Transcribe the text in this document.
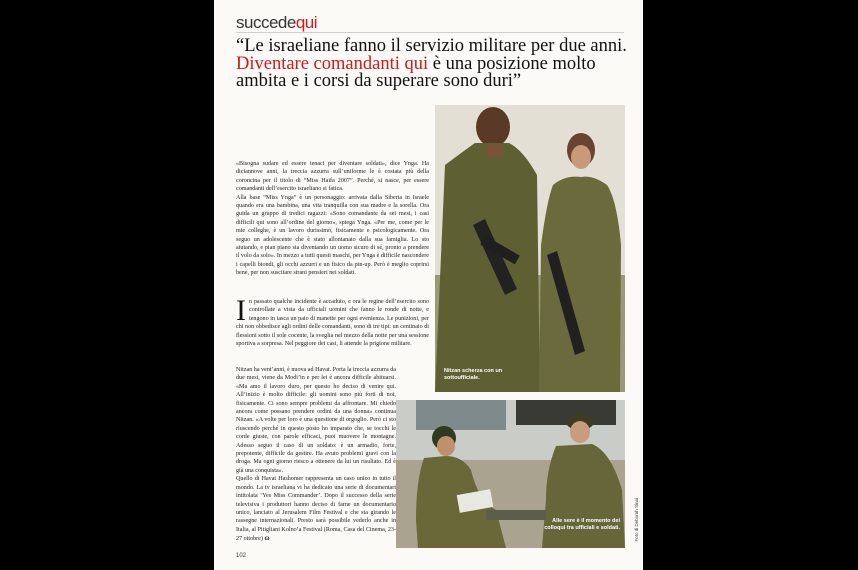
succedequi
“Le israeliane fanno il servizio militare per due anni. Diventare comandanti qui è una posizione molto ambita e i corsi da superare sono duri”
«Bisogna sudare ed essere tenaci per diventare soldati», dice Ynga. Ha diciannove anni, la treccia azzurra sull’uniforme le è costata più della coroncina per il titolo di “Miss Haifa 2007”. Perché, si nasce, per essere comandanti dell’esercito israeliano si fatica.
Alla base “Miss Ynga” è un personaggio: arrivata dalla Siberia in Israele quando era una bambina, una vita tranquilla con sua madre e la sorella. Ora guida un gruppo di tredici ragazzi: «Sono comandante da sei mesi, i casi difficili qui sono all’ordine del giorno», spiega Ynga. «Per me, come per le mie colleghe, è un lavoro durissimo, fisicamente e psicologicamente. Ora seguo un adolescente che è stato allontanato dalla sua famiglia. Lo sto aiutando, e pian piano sta diventando un uomo sicuro di sé, pronto a prendere il volo da solo». In mezzo a tutti questi maschi, per Ynga è difficile nascondere i capelli biondi, gli occhi azzurri e un fisico da pin-up. Però è meglio coprirsi bene, per non suscitare strani pensieri nei soldati.
I n passato qualche incidente è accaduto, e ora le regine dell’esercito sono controllate a vista da ufficiali uomini che fanno le ronde di notte, e tengono in tasca un paio di manette per ogni evenienza. Le punizioni, per chi non obbedisce agli ordini delle comandanti, sono di tre tipi: un centinaio di flessioni sotto il sole cocente, la sveglia nel mezzo della notte per una sessione sportiva a sorpresa. Nel peggiore dei casi, li attende la prigione militare.
Nitzan ha vent’anni, è nuova ad Havat. Porta la treccia azzurra da due mesi, viene da Modi’in e per lei è ancora difficile abituarsi. «Ma amo il lavoro duro, per questo ho deciso di venire qui. All’inizio è molto difficile: gli uomini sono più forti di noi, fisicamente. Ci sono sempre problemi da affrontare. Mi chiedo ancora come possano prendere ordini da una donna» continua Nitzan. «A volte per loro è una questione di orgoglio. Però ci sto riuscendo perché in questo posto ho imparato che, se tocchi le corde giuste, con parole efficaci, puoi muovere le montagne. Adesso seguo il caso di un soldato: è un armadio, forte, prepotente, difficile da gestire. Ha avuto problemi gravi con la droga. Ma ogni giorno riesco a ottenere da lui un risultato. Ed è già una conquista».
Quello di Havat Hashomer rappresenta un caso unico in tutto il mondo. La tv israeliana vi ha dedicato una serie di documentari intitolata ‘Yes Miss Commander’. Dopo il successo della serie televisiva i produttori hanno deciso di farne un documentario unico, lanciato al Jerusalem Film Festival e che sta girando le rassegne internazionali. Presto sarà possibile vederlo anche in Italia, al Pitigliani Kolno’a Festival (Roma, Casa del Cinema, 23-27 ottobre) ɷ
Nitzan scherza con un sottoufficiale.
Alle sere è il momento dei colloqui tra ufficiali e soldati.	Foto di Deborah Sinai
102
